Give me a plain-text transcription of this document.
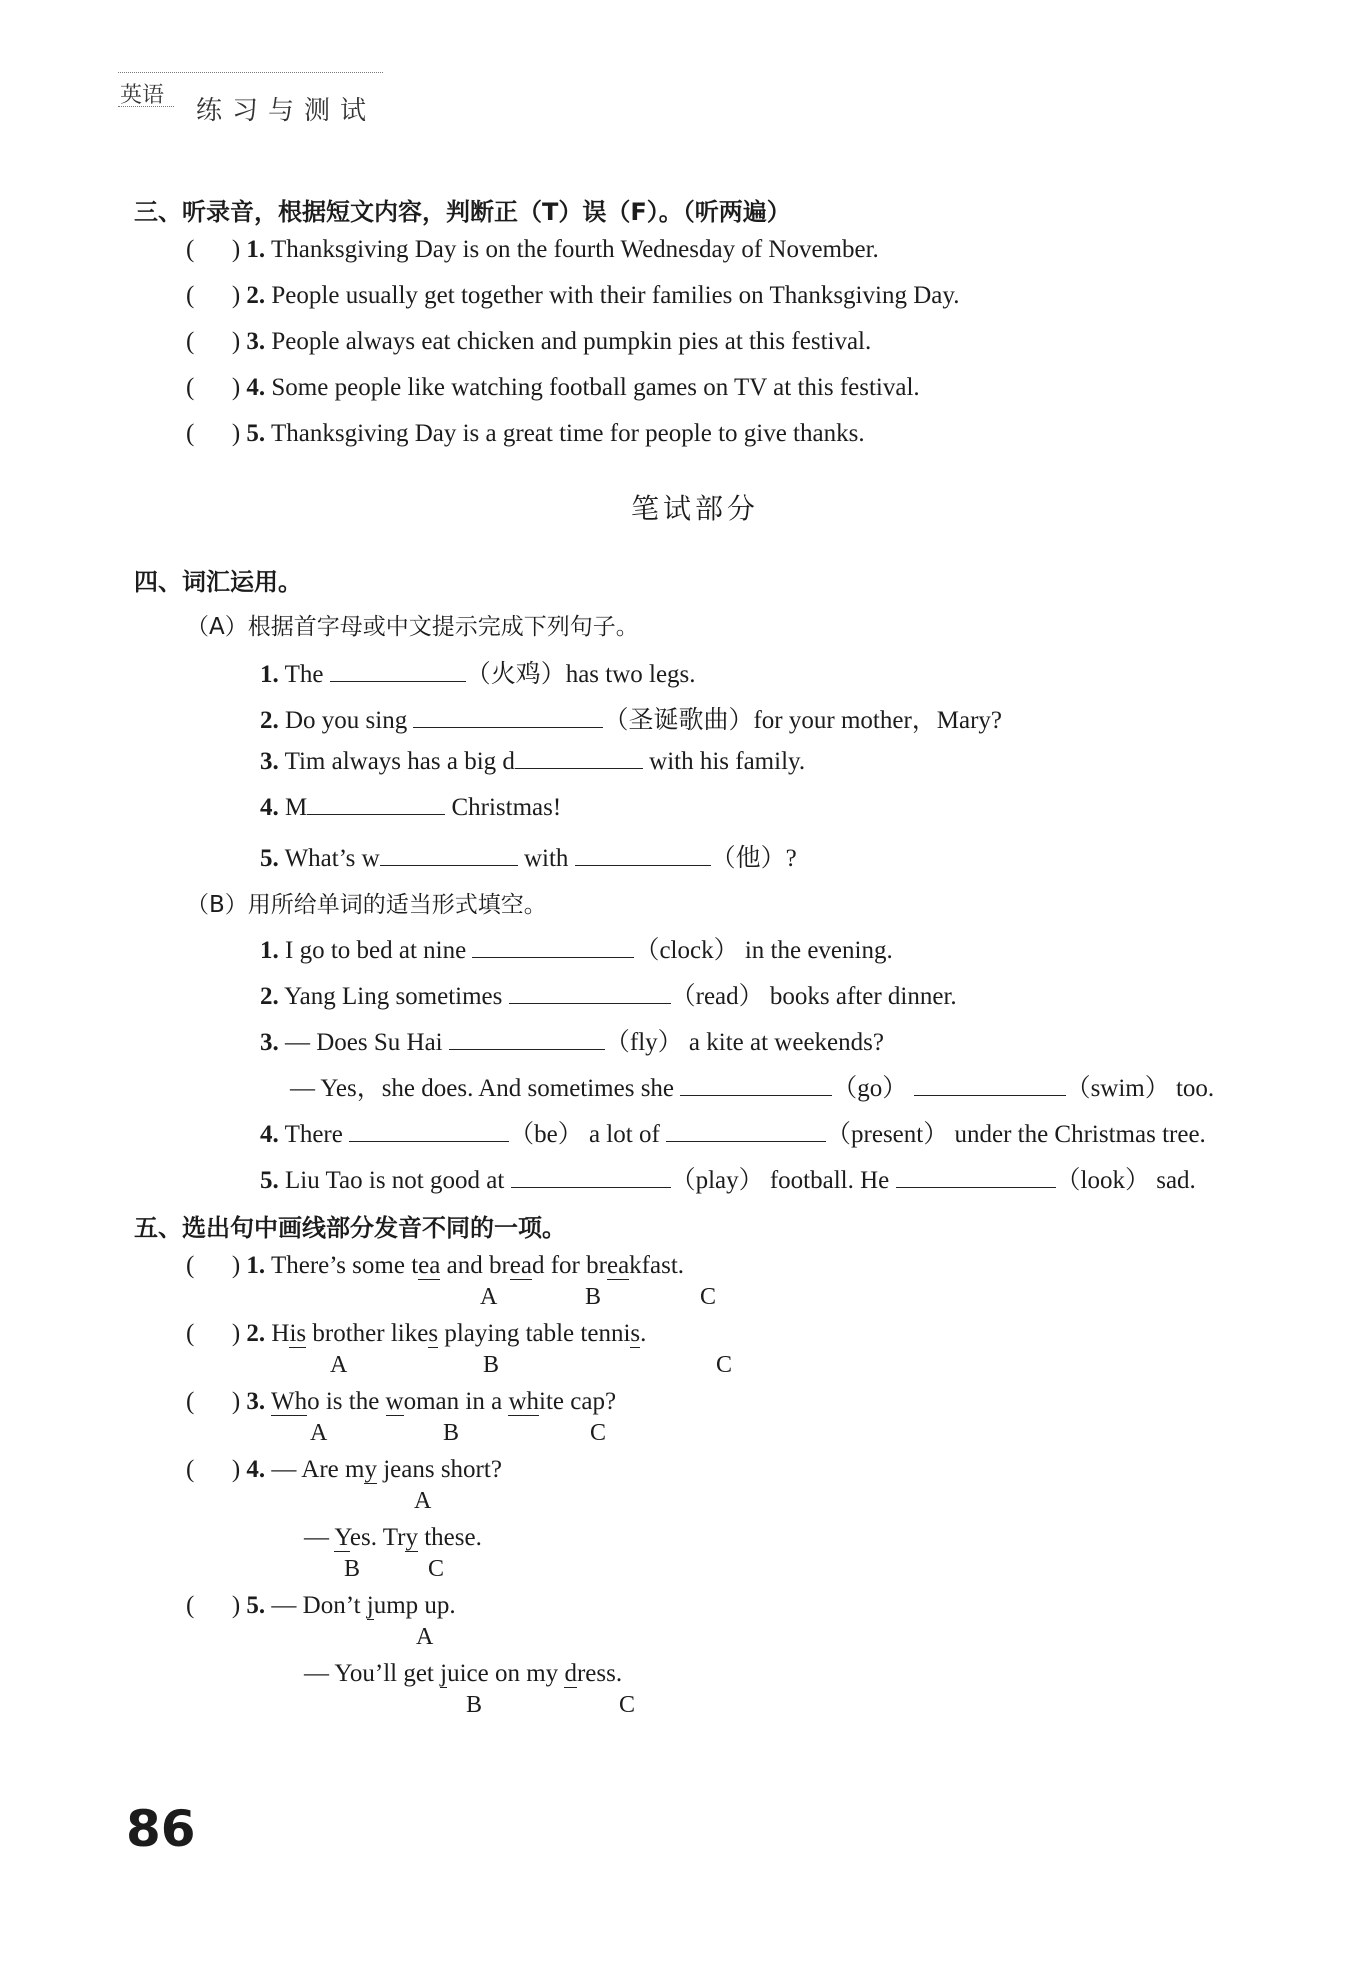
英语
练习与测试
三、听录音，根据短文内容，判断正（T）误（F）。（听两遍）
(      ) 1. Thanksgiving Day is on the fourth Wednesday of November.
(      ) 2. People usually get together with their families on Thanksgiving Day.
(      ) 3. People always eat chicken and pumpkin pies at this festival.
(      ) 4. Some people like watching football games on TV at this festival.
(      ) 5. Thanksgiving Day is a great time for people to give thanks.
笔试部分
四、词汇运用。
（A）根据首字母或中文提示完成下列句子。
1. The	（火鸡）has two legs.
2. Do you sing	（圣诞歌曲）for your mother，Mary?
3. Tim always has a big d	with his family.
4. M	Christmas!
5. What’s w	with	（他）?
（B）用所给单词的适当形式填空。
1. I go to bed at nine	（clock） in the evening.
2. Yang Ling sometimes	（read） books after dinner.
3. — Does Su Hai	（fly） a kite at weekends?
— Yes，she does. And sometimes she	（go）	（swim） too.
4. There	（be） a lot of	（present） under the Christmas tree.
5. Liu Tao is not good at	（play） football. He	（look） sad.
五、选出句中画线部分发音不同的一项。
(      ) 1. There’s some tea and bread for breakfast.
A	B	C
(      ) 2. His brother likes playing table tennis.
A	B	C
(      ) 3. Who is the woman in a white cap?
A	B	C
(      ) 4. — Are my jeans short?
A
— Yes. Try these.
B	C
(      ) 5. — Don’t jump up.
A
— You’ll get juice on my dress.
B	C
86
